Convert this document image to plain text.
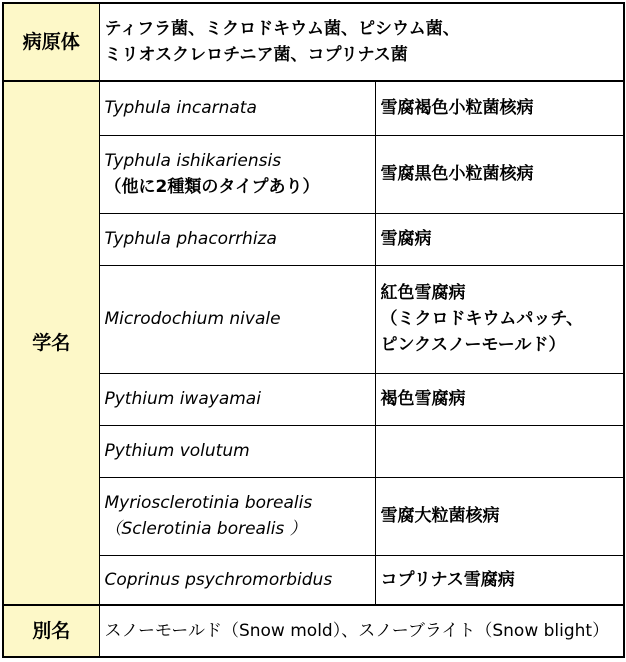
病原体	ティフラ菌、ミクロドキウム菌、ピシウム菌、
ミリオスクレロチニア菌、コプリナス菌	

学名	Typhula incarnata	雪腐褐色小粒菌核病

	Typhula ishikariensis
（他に2種類のタイプあり）	雪腐黒色小粒菌核病

	Typhula phacorrhiza	雪腐病

	Microdochium nivale	紅色雪腐病
（ミクロドキウムパッチ、
ピンクスノーモールド）

	Pythium iwayamai	褐色雪腐病

	Pythium volutum	

	Myriosclerotinia borealis
（Sclerotinia borealis ）	雪腐大粒菌核病

	Coprinus psychromorbidus	コプリナス雪腐病

別名	スノーモールド（Snow mold）、スノーブライト（Snow blight）	
